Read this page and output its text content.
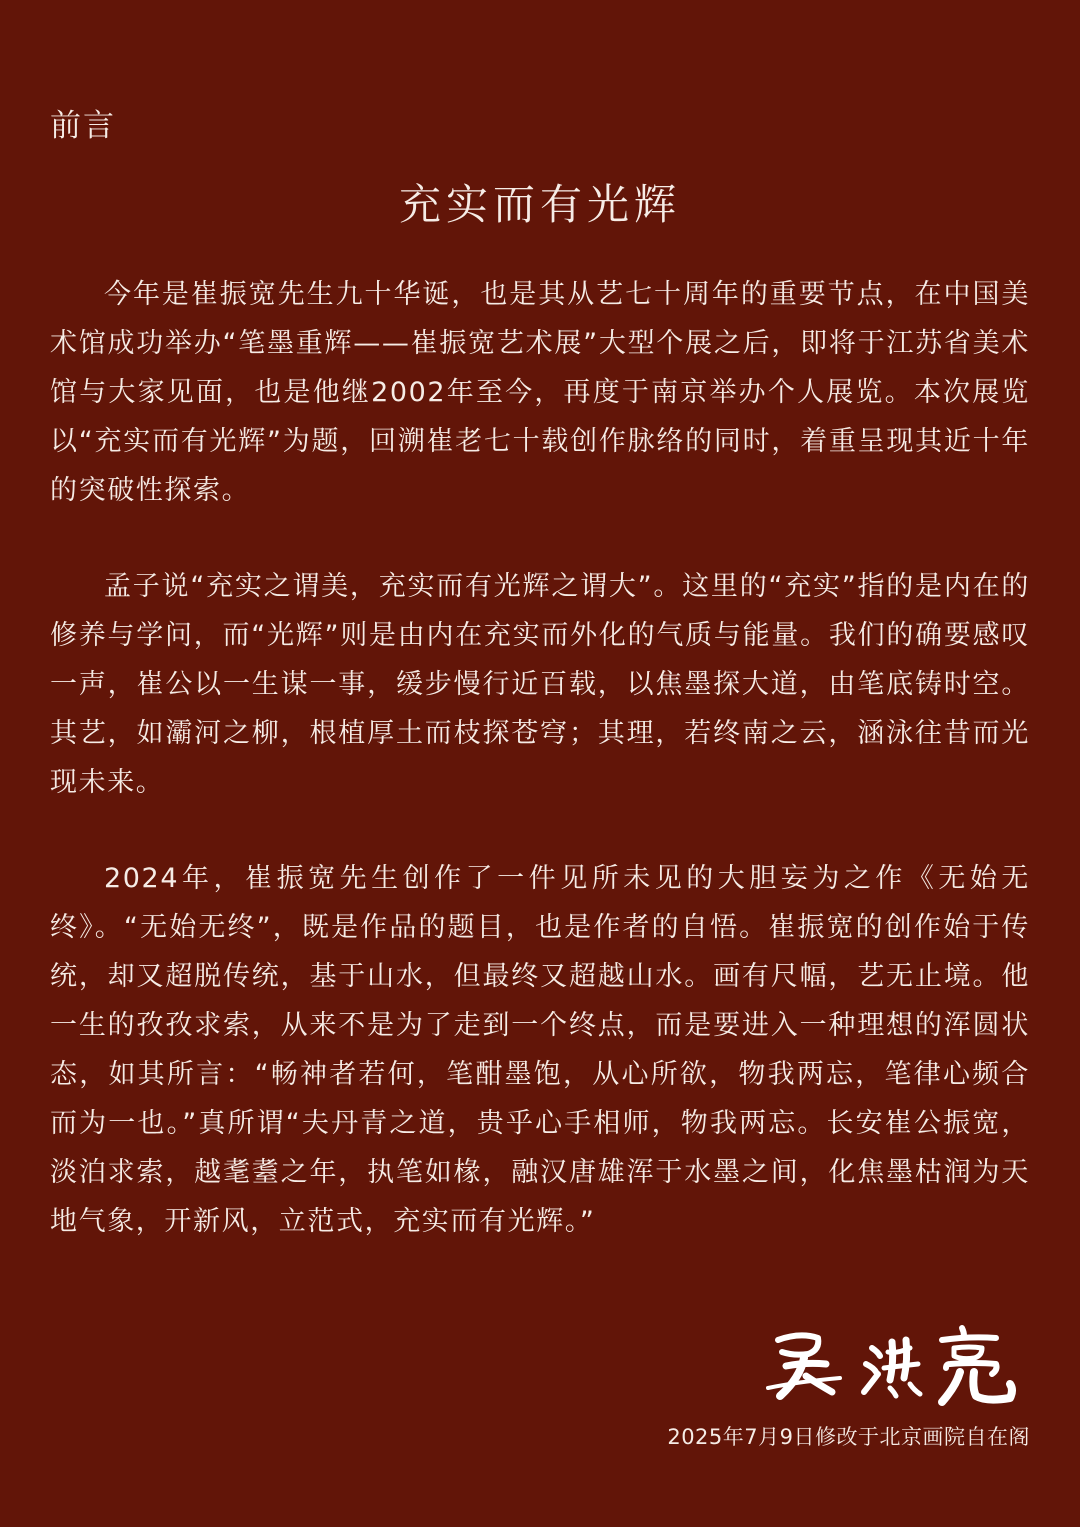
前言
充实而有光辉

今年是崔振宽先生九十华诞，也是其从艺七十周年的重要节点，在中国美术馆成功举办“笔墨重辉——崔振宽艺术展”大型个展之后，即将于江苏省美术馆与大家见面，也是他继2002年至今，再度于南京举办个人展览。本次展览以“充实而有光辉”为题，回溯崔老七十载创作脉络的同时，着重呈现其近十年的突破性探索。

孟子说“充实之谓美，充实而有光辉之谓大”。这里的“充实”指的是内在的修养与学问，而“光辉”则是由内在充实而外化的气质与能量。我们的确要感叹一声，崔公以一生谋一事，缓步慢行近百载，以焦墨探大道，由笔底铸时空。其艺，如灞河之柳，根植厚土而枝探苍穹；其理，若终南之云，涵泳往昔而光现未来。

2024年，崔振宽先生创作了一件见所未见的大胆妄为之作《无始无终》。“无始无终”，既是作品的题目，也是作者的自悟。崔振宽的创作始于传统，却又超脱传统，基于山水，但最终又超越山水。画有尺幅，艺无止境。他一生的孜孜求索，从来不是为了走到一个终点，而是要进入一种理想的浑圆状态，如其所言：“畅神者若何，笔酣墨饱，从心所欲，物我两忘，笔律心频合而为一也。”真所谓“夫丹青之道，贵乎心手相师，物我两忘。长安崔公振宽，淡泊求索，越耄耋之年，执笔如椽，融汉唐雄浑于水墨之间，化焦墨枯润为天地气象，开新风，立范式，充实而有光辉。”

2025年7月9日修改于北京画院自在阁
